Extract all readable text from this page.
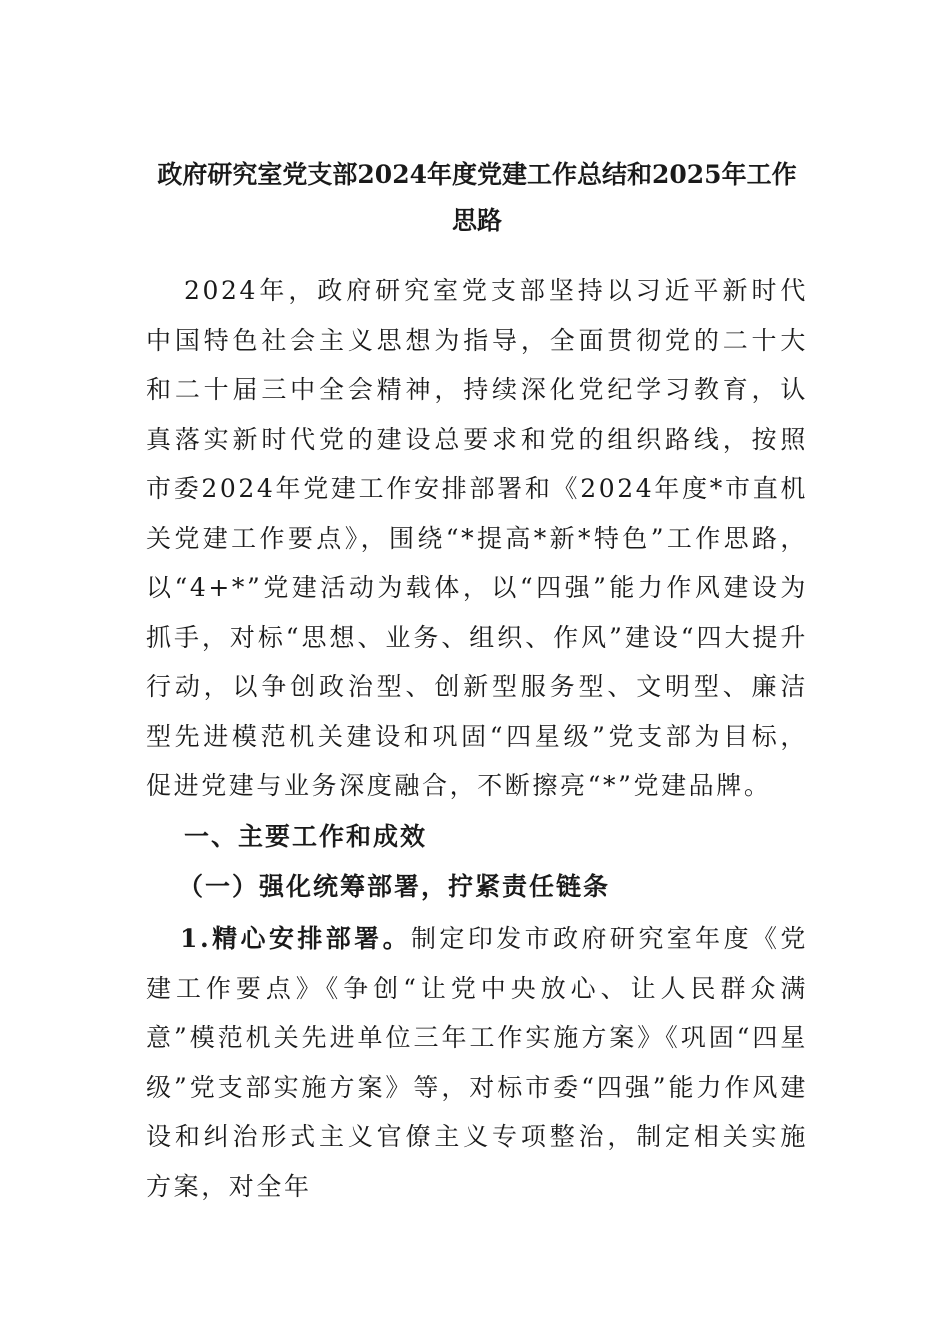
政府研究室党支部2024年度党建工作总结和2025年工作思路

2024年，政府研究室党支部坚持以习近平新时代中国特色社会主义思想为指导，全面贯彻党的二十大和二十届三中全会精神，持续深化党纪学习教育，认真落实新时代党的建设总要求和党的组织路线，按照市委2024年党建工作安排部署和《2024年度*市直机关党建工作要点》，围绕“*提高*新*特色”工作思路，以“4+*”党建活动为载体，以“四强”能力作风建设为抓手，对标“思想、业务、组织、作风”建设“四大提升行动，以争创政治型、创新型服务型、文明型、廉洁型先进模范机关建设和巩固“四星级”党支部为目标，促进党建与业务深度融合，不断擦亮“*”党建品牌。

一、主要工作和成效

（一）强化统筹部署，拧紧责任链条

1.精心安排部署。制定印发市政府研究室年度《党建工作要点》《争创“让党中央放心、让人民群众满意”模范机关先进单位三年工作实施方案》《巩固“四星级”党支部实施方案》等，对标市委“四强”能力作风建设和纠治形式主义官僚主义专项整治，制定相关实施方案，对全年
